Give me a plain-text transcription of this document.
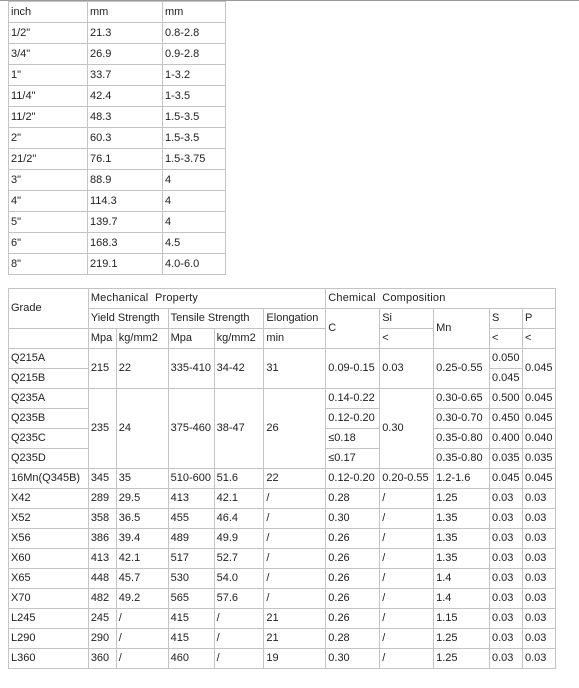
inch	mm	mm
1/2"	21.3	0.8-2.8
3/4"	26.9	0.9-2.8
1"	33.7	1-3.2
11/4"	42.4	1-3.5
11/2"	48.3	1.5-3.5
2"	60.3	1.5-3.5
21/2"	76.1	1.5-3.75
3"	88.9	4
4"	114.3	4
5"	139.7	4
6"	168.3	4.5
8"	219.1	4.0-6.0
Grade	Mechanical  Property					Chemical  Composition				
	Yield Strength		Tensile Strength		Elongation	C	Si	Mn	S	P
	Mpa	kg/mm2	Mpa	kg/mm2	min		<		<	<
Q215A	215	22	335-410	34-42	31	0.09-0.15	0.03	0.25-0.55	0.050	0.045
Q215B									0.045	
Q235A	235	24	375-460	38-47	26	0.14-0.22	0.30	0.30-0.65	0.500	0.045
Q235B						0.12-0.20		0.30-0.70	0.450	0.045
Q235C						≤0.18		0.35-0.80	0.400	0.040
Q235D						≤0.17		0.35-0.80	0.035	0.035
16Mn(Q345B)	345	35	510-600	51.6	22	0.12-0.20	0.20-0.55	1.2-1.6	0.045	0.045
X42	289	29.5	413	42.1	/	0.28	/	1.25	0.03	0.03
X52	358	36.5	455	46.4	/	0.30	/	1.35	0.03	0.03
X56	386	39.4	489	49.9	/	0.26	/	1.35	0.03	0.03
X60	413	42.1	517	52.7	/	0.26	/	1.35	0.03	0.03
X65	448	45.7	530	54.0	/	0.26	/	1.4	0.03	0.03
X70	482	49.2	565	57.6	/	0.26	/	1.4	0.03	0.03
L245	245	/	415	/	21	0.26	/	1.15	0.03	0.03
L290	290	/	415	/	21	0.28	/	1.25	0.03	0.03
L360	360	/	460	/	19	0.30	/	1.25	0.03	0.03
